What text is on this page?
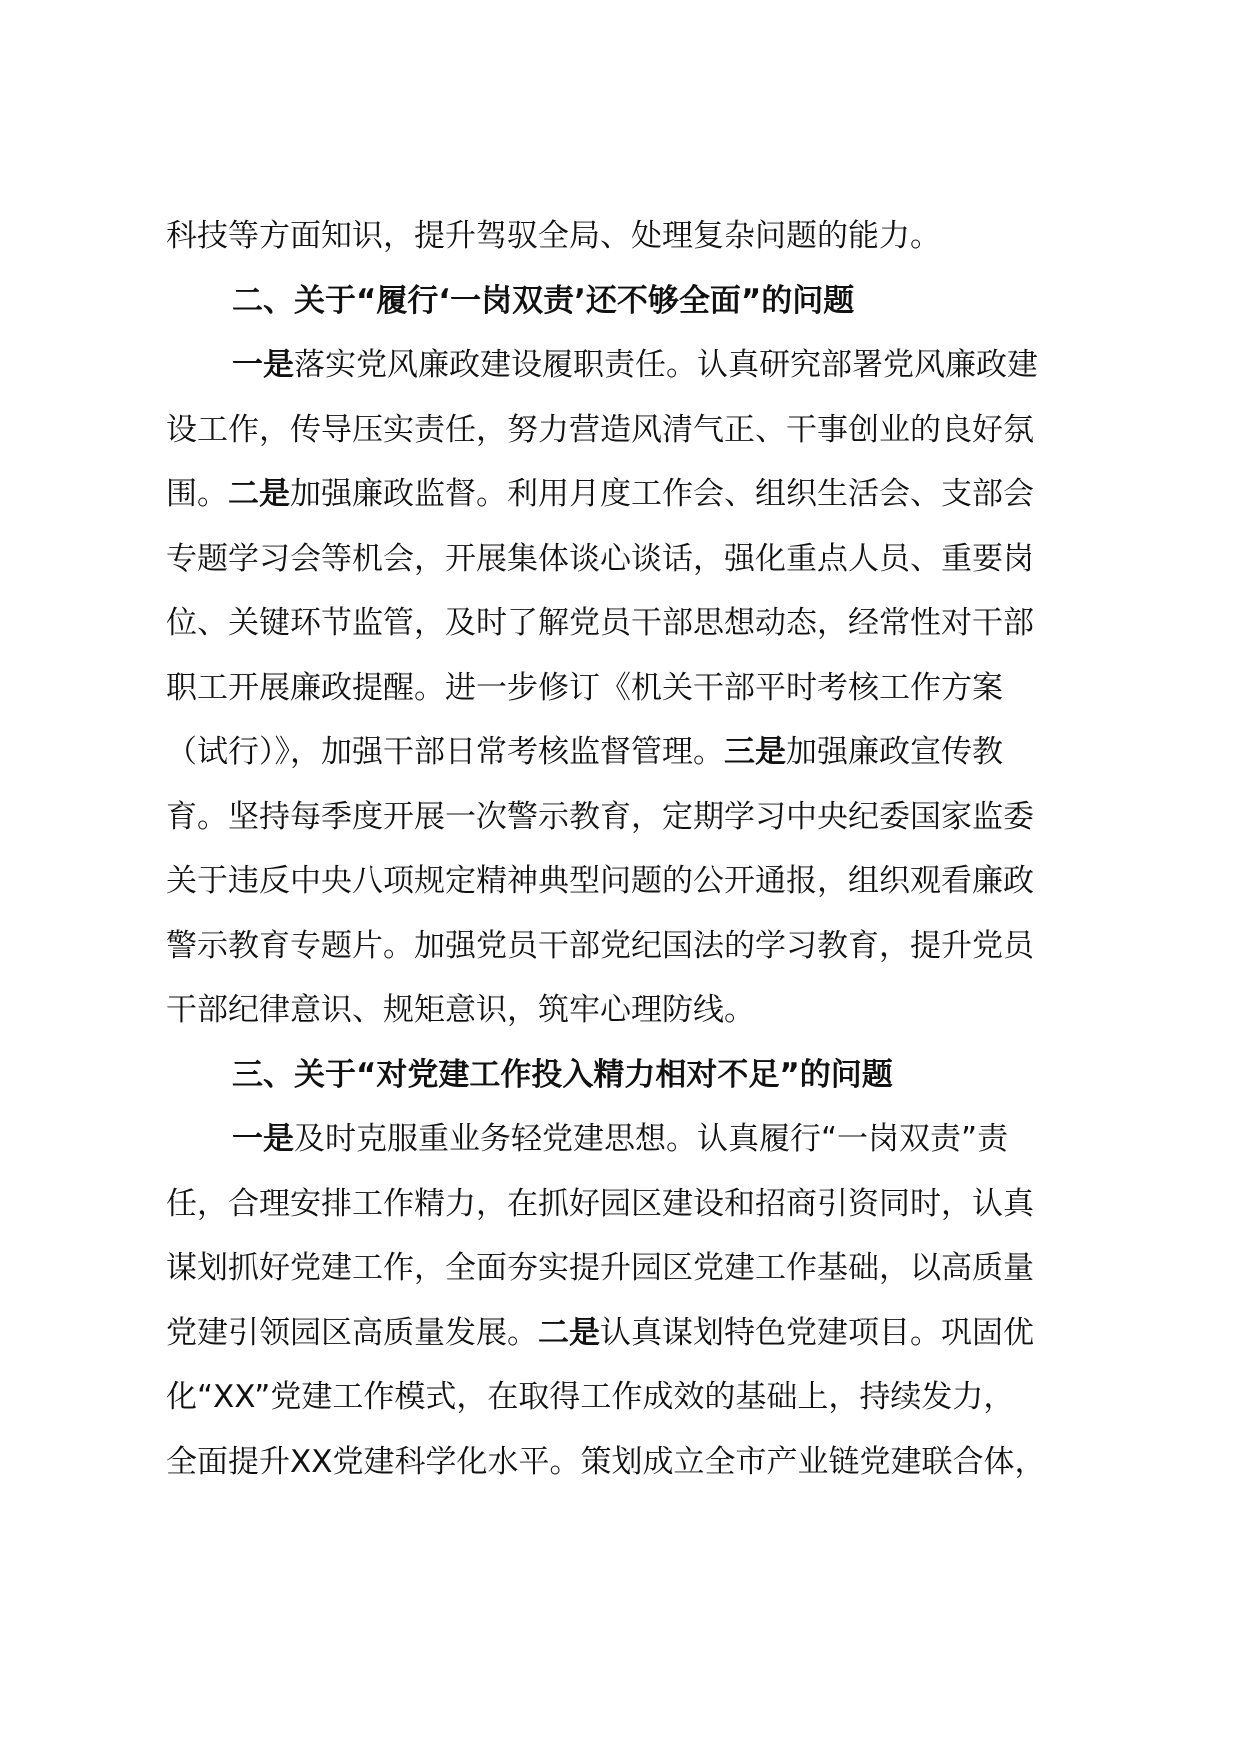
科技等方面知识，提升驾驭全局、处理复杂问题的能力。
二、关于“履行‘一岗双责’还不够全面”的问题
一是落实党风廉政建设履职责任。认真研究部署党风廉政建
设工作，传导压实责任，努力营造风清气正、干事创业的良好氛
围。二是加强廉政监督。利用月度工作会、组织生活会、支部会
专题学习会等机会，开展集体谈心谈话，强化重点人员、重要岗
位、关键环节监管，及时了解党员干部思想动态，经常性对干部
职工开展廉政提醒。进一步修订《机关干部平时考核工作方案
（试行）》，加强干部日常考核监督管理。三是加强廉政宣传教
育。坚持每季度开展一次警示教育，定期学习中央纪委国家监委
关于违反中央八项规定精神典型问题的公开通报，组织观看廉政
警示教育专题片。加强党员干部党纪国法的学习教育，提升党员
干部纪律意识、规矩意识，筑牢心理防线。
三、关于“对党建工作投入精力相对不足”的问题
一是及时克服重业务轻党建思想。认真履行“一岗双责”责
任，合理安排工作精力，在抓好园区建设和招商引资同时，认真
谋划抓好党建工作，全面夯实提升园区党建工作基础，以高质量
党建引领园区高质量发展。二是认真谋划特色党建项目。巩固优
化“XX”党建工作模式，在取得工作成效的基础上，持续发力，
全面提升XX党建科学化水平。策划成立全市产业链党建联合体，
